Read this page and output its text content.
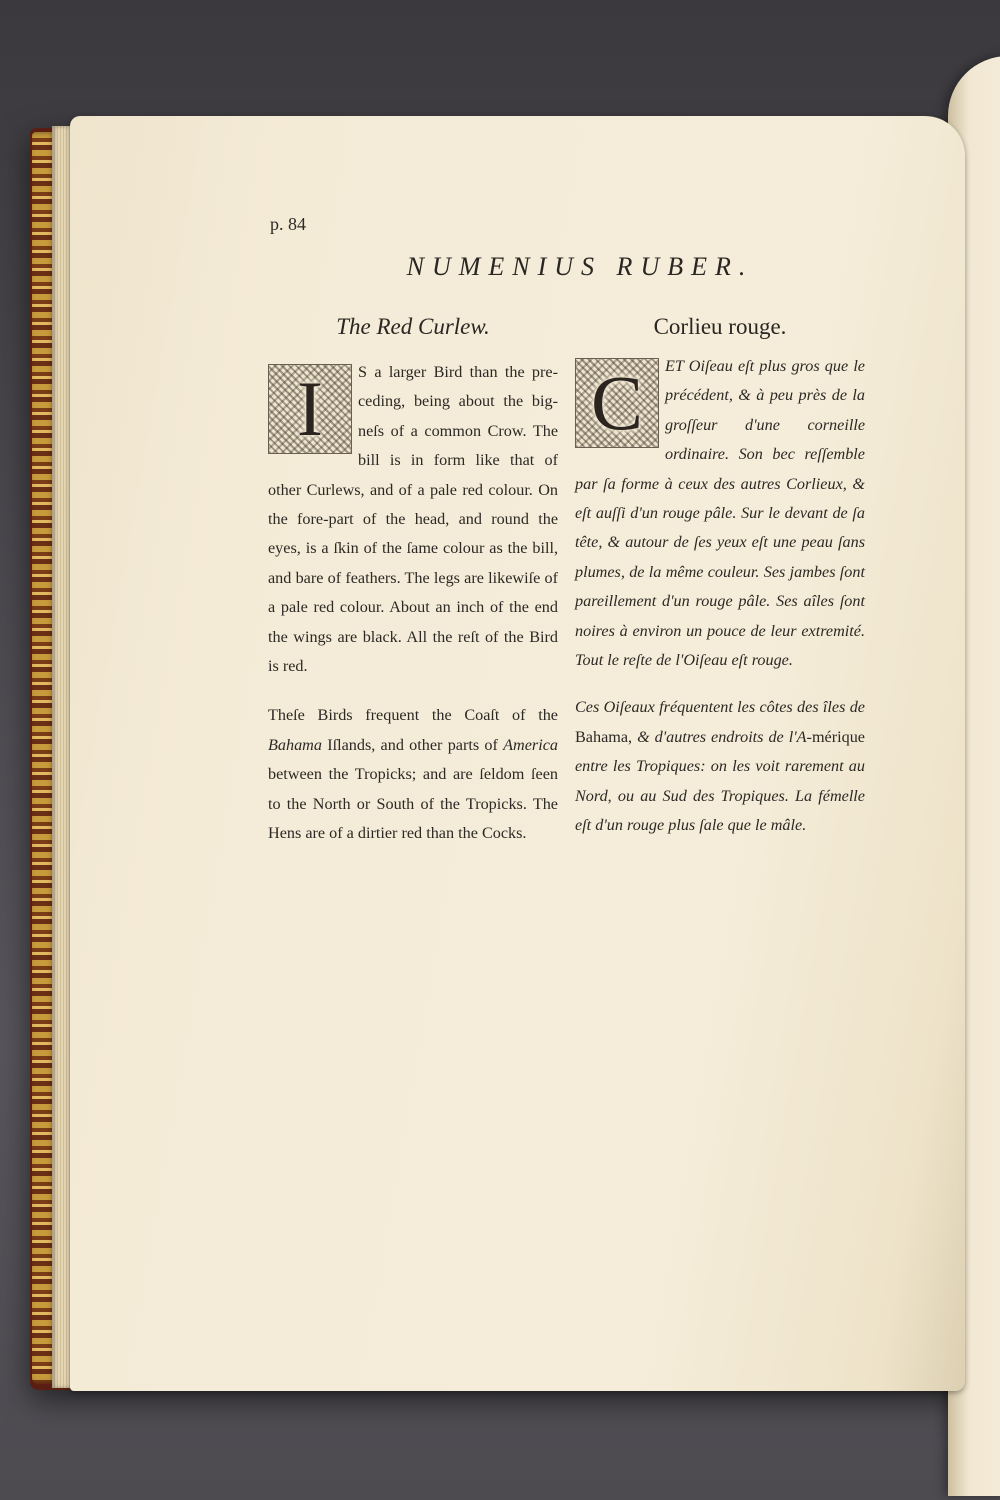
p. 84
NUMENIUS RUBER.
The Red Curlew.	Corlieu rouge.
I	S a larger Bird than the pre-ceding, being about the big-neſs of a common Crow. The bill is in form like that of other Curlews, and of a pale red colour. On the fore-part of the head, and round the eyes, is a ſkin of the ſame colour as the bill, and bare of feathers. The legs are likewiſe of a pale red colour. About an inch of the end the wings are black. All the reſt of the Bird is red.

Theſe Birds frequent the Coaſt of the Bahama Iſlands, and other parts of America between the Tropicks; and are ſeldom ſeen to the North or South of the Tropicks. The Hens are of a dirtier red than the Cocks.

C	ET Oiſeau eſt plus gros que le précédent, & à peu près de la groſſeur d'une corneille ordinaire. Son bec reſſemble par ſa forme à ceux des autres Corlieux, & eſt auſſi d'un rouge pâle. Sur le devant de ſa tête, & autour de ſes yeux eſt une peau ſans plumes, de la même couleur. Ses jambes ſont pareillement d'un rouge pâle. Ses aîles ſont noires à environ un pouce de leur extremité. Tout le reſte de l'Oiſeau eſt rouge.

Ces Oiſeaux fréquentent les côtes des îles de Bahama, & d'autres endroits de l'A-mérique entre les Tropiques: on les voit rarement au Nord, ou au Sud des Tropiques. La fémelle eſt d'un rouge plus ſale que le mâle.
